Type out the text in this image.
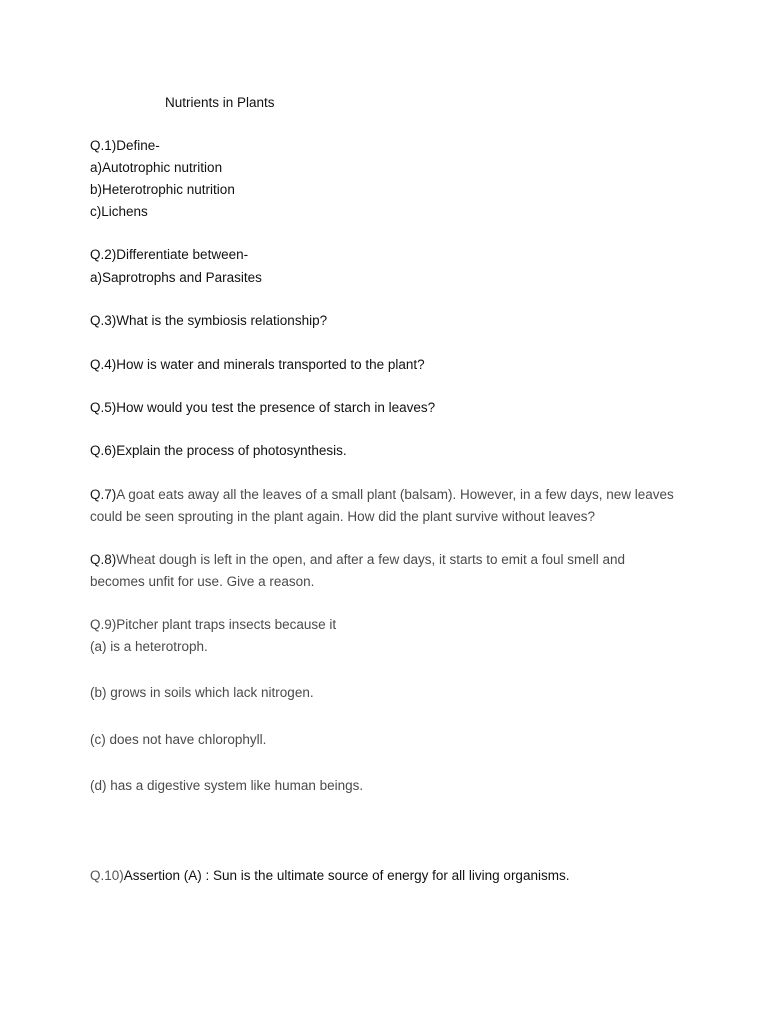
Nutrients in Plants
Q.1)Define-
a)Autotrophic nutrition
b)Heterotrophic nutrition
c)Lichens
Q.2)Differentiate between-
a)Saprotrophs and Parasites
Q.3)What is the symbiosis relationship?
Q.4)How is water and minerals transported to the plant?
Q.5)How would you test the presence of starch in leaves?
Q.6)Explain the process of photosynthesis.
Q.7)A goat eats away all the leaves of a small plant (balsam). However, in a few days, new leaves
could be seen sprouting in the plant again. How did the plant survive without leaves?
Q.8)Wheat dough is left in the open, and after a few days, it starts to emit a foul smell and
becomes unfit for use. Give a reason.
Q.9)Pitcher plant traps insects because it
(a) is a heterotroph.
(b) grows in soils which lack nitrogen.
(c) does not have chlorophyll.
(d) has a digestive system like human beings.
Q.10)Assertion (A) : Sun is the ultimate source of energy for all living organisms.
